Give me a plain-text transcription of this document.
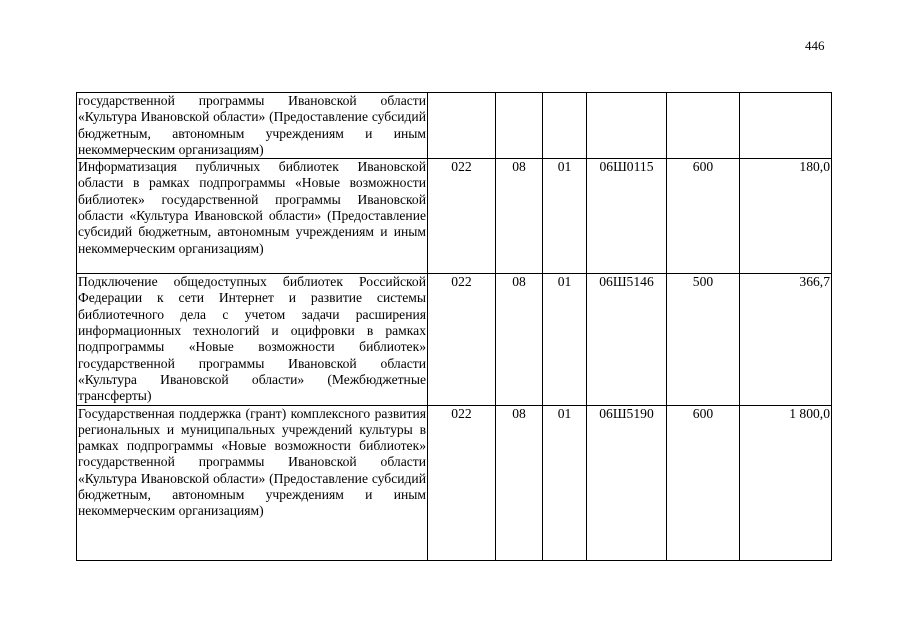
446
государственной программы Ивановской области «Культура Ивановской области» (Предоставление субсидий бюджетным, автономным учреждениям и иным некоммерческим организациям)						
Информатизация публичных библиотек Ивановской области в рамках подпрограммы «Новые возможности библиотек» государственной программы Ивановской области «Культура Ивановской области» (Предоставление субсидий бюджетным, автономным учреждениям и иным некоммерческим организациям)	022	08	01	06Ш0115	600	180,0
Подключение общедоступных библиотек Российской Федерации к сети Интернет и развитие системы библиотечного дела с учетом задачи расширения информационных технологий и оцифровки в рамках подпрограммы «Новые возможности библиотек» государственной программы Ивановской области «Культура Ивановской области» (Межбюджетные трансферты)	022	08	01	06Ш5146	500	366,7
Государственная поддержка (грант) комплексного развития региональных и муниципальных учреждений культуры в рамках подпрограммы «Новые возможности библиотек» государственной программы Ивановской области «Культура Ивановской области» (Предоставление субсидий бюджетным, автономным учреждениям и иным некоммерческим организациям)	022	08	01	06Ш5190	600	1 800,0
